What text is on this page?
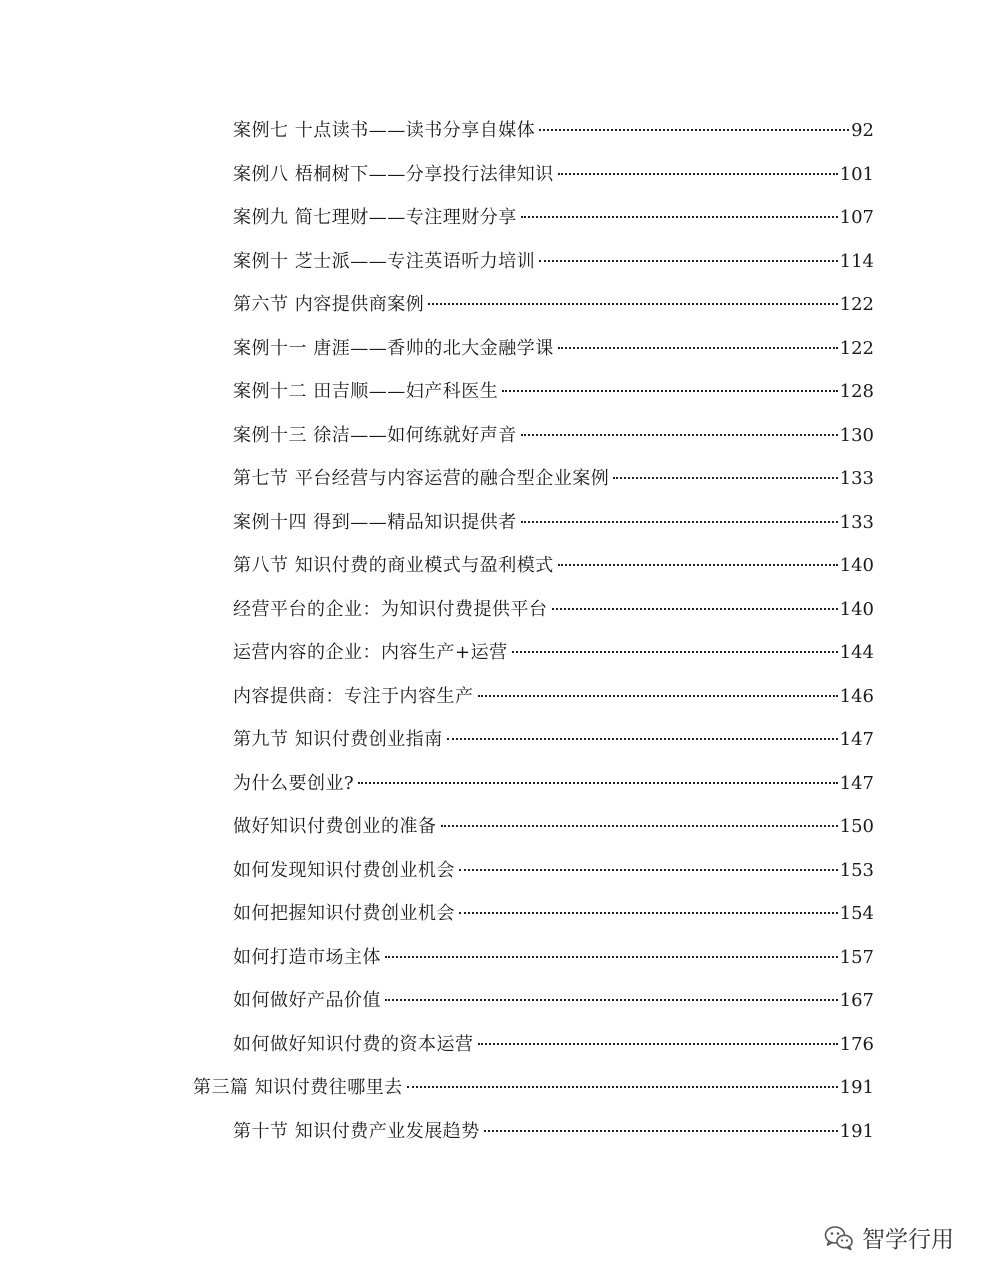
案例七 十点读书——读书分享自媒体	92
案例八 梧桐树下——分享投行法律知识	101
案例九 简七理财——专注理财分享	107
案例十 芝士派——专注英语听力培训	114
第六节 内容提供商案例	122
案例十一 唐涯——香帅的北大金融学课	122
案例十二 田吉顺——妇产科医生	128
案例十三 徐洁——如何练就好声音	130
第七节 平台经营与内容运营的融合型企业案例	133
案例十四 得到——精品知识提供者	133
第八节 知识付费的商业模式与盈利模式	140
经营平台的企业：为知识付费提供平台	140
运营内容的企业：内容生产+运营	144
内容提供商：专注于内容生产	146
第九节 知识付费创业指南	147
为什么要创业?	147
做好知识付费创业的准备	150
如何发现知识付费创业机会	153
如何把握知识付费创业机会	154
如何打造市场主体	157
如何做好产品价值	167
如何做好知识付费的资本运营	176
第三篇 知识付费往哪里去	191
第十节 知识付费产业发展趋势	191
智学行用
